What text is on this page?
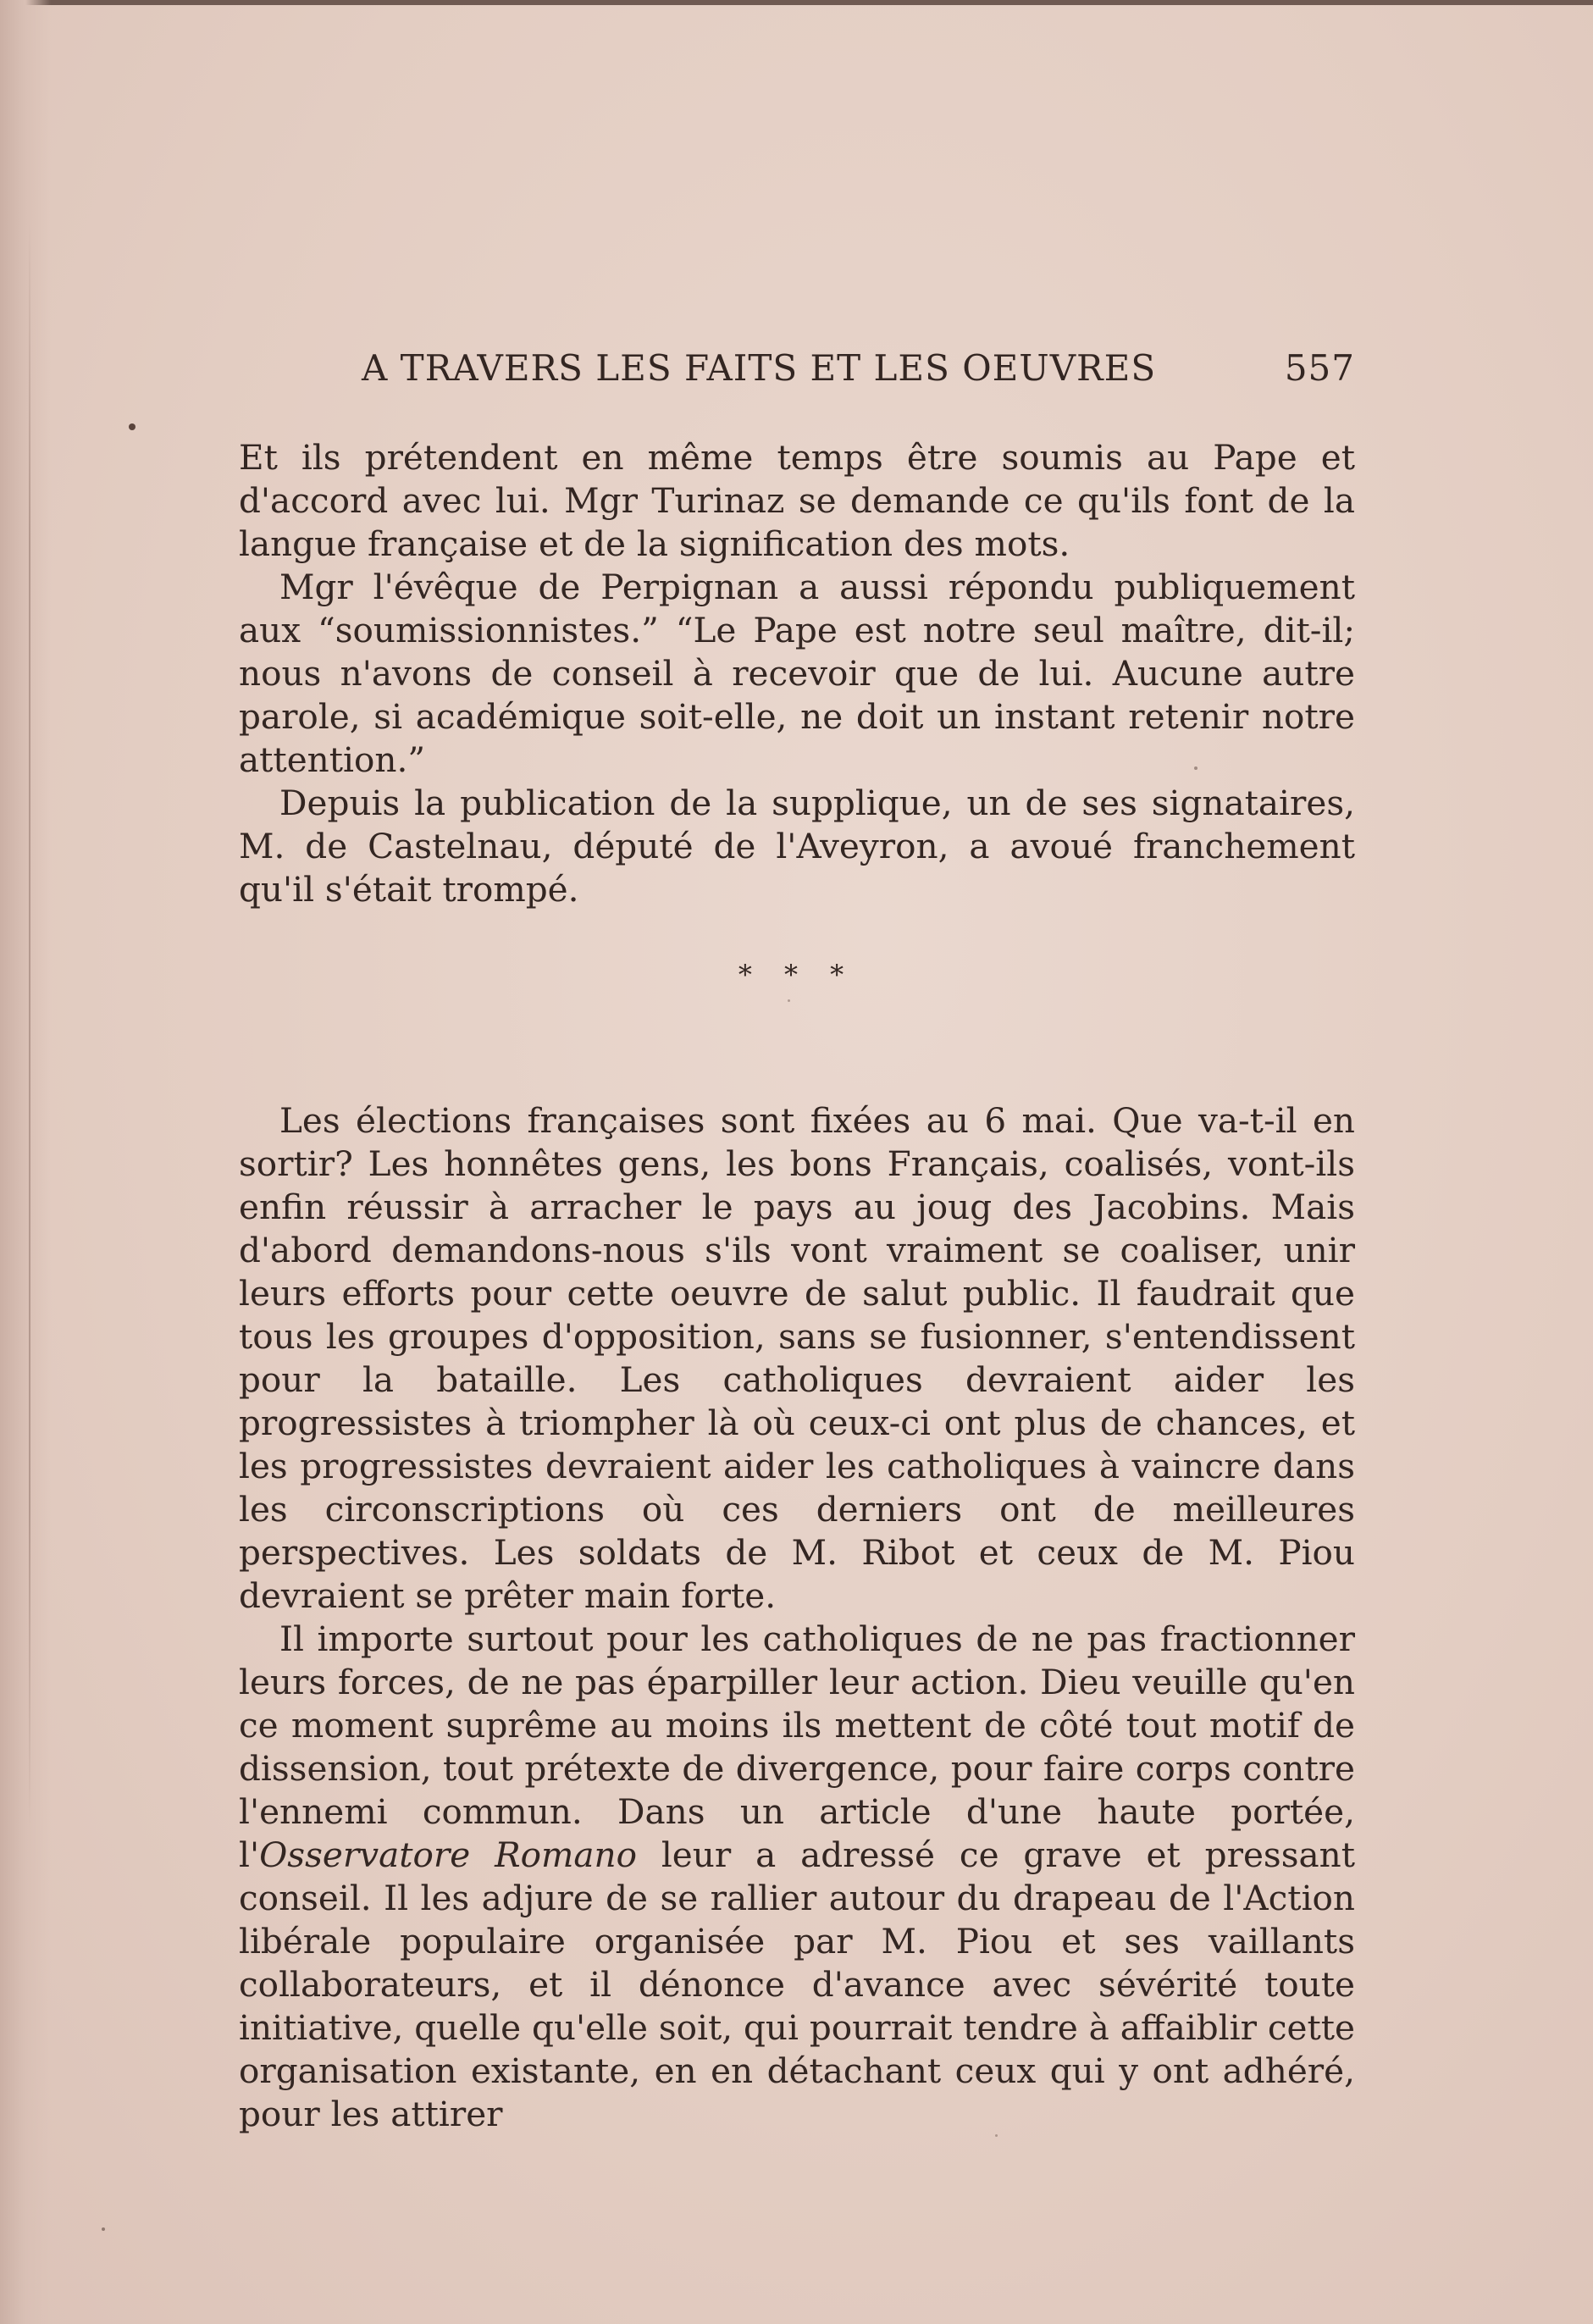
A TRAVERS LES FAITS ET LES OEUVRES	557

Et ils prétendent en même temps être soumis au Pape et d'accord avec lui. Mgr Turinaz se demande ce qu'ils font de la langue française et de la signification des mots.

Mgr l'évêque de Perpignan a aussi répondu publiquement aux “soumissionnistes.” “Le Pape est notre seul maître, dit-il; nous n'avons de conseil à recevoir que de lui. Aucune autre parole, si académique soit-elle, ne doit un instant retenir notre attention.”

Depuis la publication de la supplique, un de ses signataires, M. de Castelnau, député de l'Aveyron, a avoué franchement qu'il s'était trompé.

* * *

Les élections françaises sont fixées au 6 mai. Que va-t-il en sortir? Les honnêtes gens, les bons Français, coalisés, vont-ils enfin réussir à arracher le pays au joug des Jacobins. Mais d'abord demandons-nous s'ils vont vraiment se coaliser, unir leurs efforts pour cette oeuvre de salut public. Il faudrait que tous les groupes d'opposition, sans se fusionner, s'entendissent pour la bataille. Les catholiques devraient aider les progressistes à triompher là où ceux-ci ont plus de chances, et les progressistes devraient aider les catholiques à vaincre dans les circonscriptions où ces derniers ont de meilleures perspectives. Les soldats de M. Ribot et ceux de M. Piou devraient se prêter main forte.

Il importe surtout pour les catholiques de ne pas fractionner leurs forces, de ne pas éparpiller leur action. Dieu veuille qu'en ce moment suprême au moins ils mettent de côté tout motif de dissension, tout prétexte de divergence, pour faire corps contre l'ennemi commun. Dans un article d'une haute portée, l'Osservatore Romano leur a adressé ce grave et pressant conseil. Il les adjure de se rallier autour du drapeau de l'Action libérale populaire organisée par M. Piou et ses vaillants collaborateurs, et il dénonce d'avance avec sévérité toute initiative, quelle qu'elle soit, qui pourrait tendre à affaiblir cette organisation existante, en en détachant ceux qui y ont adhéré, pour les attirer
